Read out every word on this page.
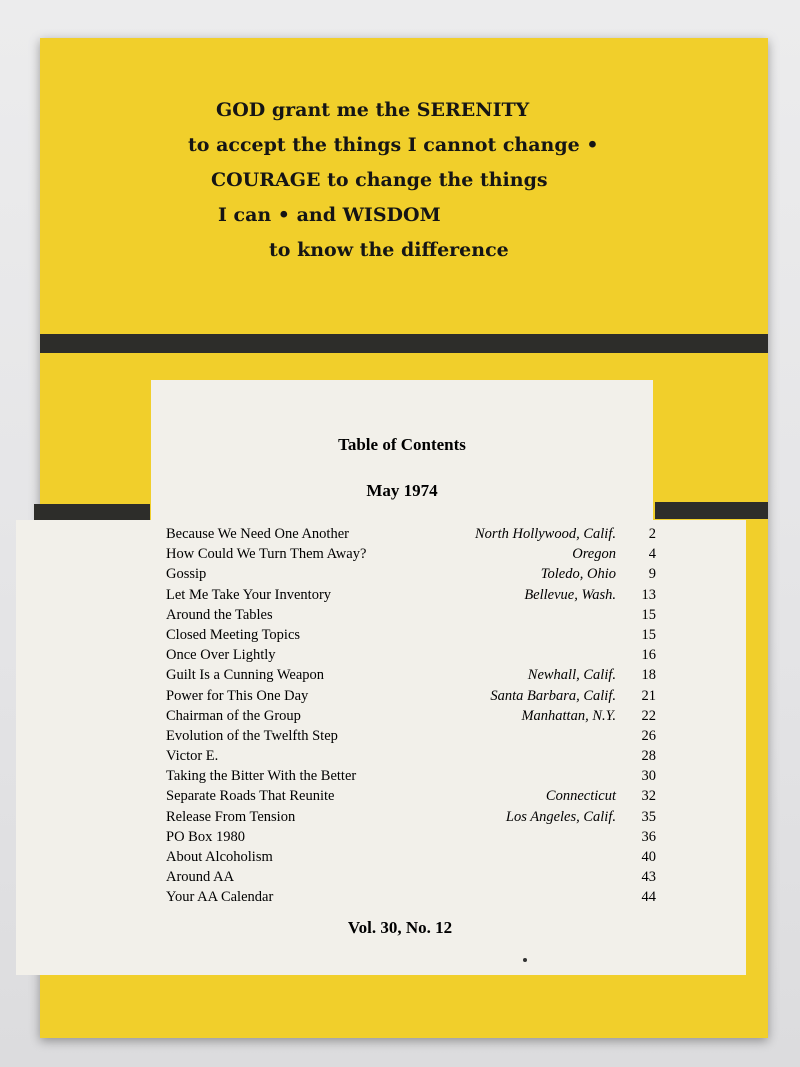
GOD grant me the SERENITY
to accept the things I cannot change •
COURAGE to change the things
I can • and WISDOM
to know the difference
Table of Contents
May 1974
Because We Need One Another	North Hollywood, Calif.	2
How Could We Turn Them Away?	Oregon	4
Gossip	Toledo, Ohio	9
Let Me Take Your Inventory	Bellevue, Wash.	13
Around the Tables	15
Closed Meeting Topics	15
Once Over Lightly	16
Guilt Is a Cunning Weapon	Newhall, Calif.	18
Power for This One Day	Santa Barbara, Calif.	21
Chairman of the Group	Manhattan, N.Y.	22
Evolution of the Twelfth Step	26
Victor E.	28
Taking the Bitter With the Better	30
Separate Roads That Reunite	Connecticut	32
Release From Tension	Los Angeles, Calif.	35
PO Box 1980	36
About Alcoholism	40
Around AA	43
Your AA Calendar	44
Vol. 30, No. 12
